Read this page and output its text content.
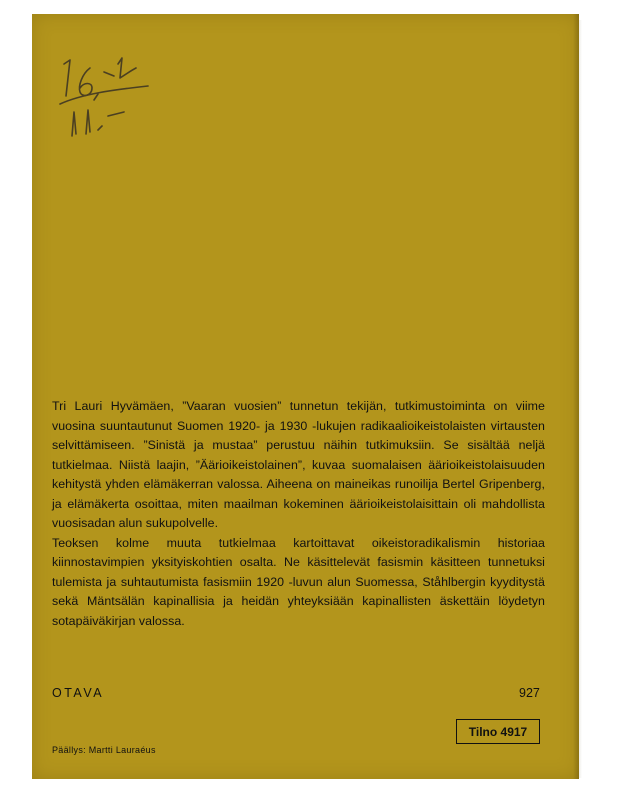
Tri Lauri Hyvämäen, ”Vaaran vuosien” tunnetun tekijän, tutkimustoiminta on viime vuosina suuntautunut Suomen 1920- ja 1930 -lukujen radikaalioikeistolaisten virtausten selvittämiseen. ”Sinistä ja mustaa” perustuu näihin tutkimuksiin. Se sisältää neljä tutkielmaa. Niistä laajin, ”Äärioikeistolainen”, kuvaa suomalaisen äärioikeistolaisuuden kehitystä yhden elämäkerran valossa. Aiheena on maineikas runoilija Bertel Gripenberg, ja elämäkerta osoittaa, miten maailman kokeminen äärioikeistolaisittain oli mahdollista vuosisadan alun sukupolvelle.

Teoksen kolme muuta tutkielmaa kartoittavat oikeistoradikalismin historiaa kiinnostavimpien yksityiskohtien osalta. Ne käsittelevät fasismin käsitteen tunnetuksi tulemista ja suhtautumista fasismiin 1920 -luvun alun Suomessa, Ståhlbergin kyyditystä sekä Mäntsälän kapinallisia ja heidän yhteyksiään kapinallisten äskettäin löydetyn sotapäiväkirjan valossa.

OTAVA	927
Tilno 4917
Päällys: Martti Lauraéus
